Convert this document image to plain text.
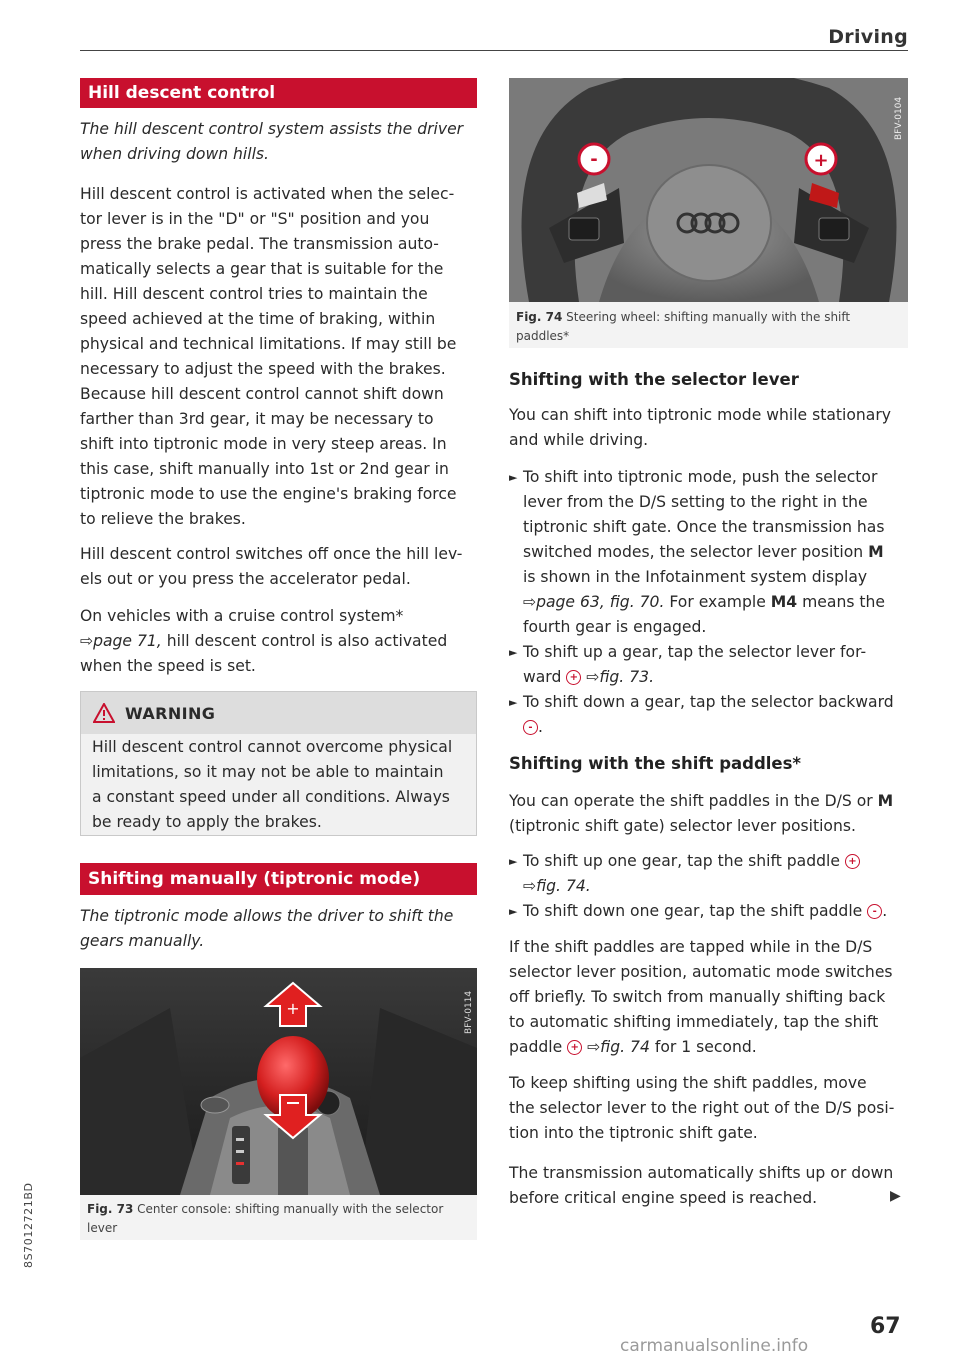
Driving
Hill descent control
The hill descent control system assists the driver
when driving down hills.
Hill descent control is activated when the selec-
tor lever is in the "D" or "S" position and you
press the brake pedal. The transmission auto-
matically selects a gear that is suitable for the
hill. Hill descent control tries to maintain the
speed achieved at the time of braking, within
physical and technical limitations. If may still be
necessary to adjust the speed with the brakes.
Because hill descent control cannot shift down
farther than 3rd gear, it may be necessary to
shift into tiptronic mode in very steep areas. In
this case, shift manually into 1st or 2nd gear in
tiptronic mode to use the engine's braking force
to relieve the brakes.
Hill descent control switches off once the hill lev-
els out or you press the accelerator pedal.
On vehicles with a cruise control system*
⇨page 71, hill descent control is also activated
when the speed is set.
WARNING
Hill descent control cannot overcome physical
limitations, so it may not be able to maintain
a constant speed under all conditions. Always
be ready to apply the brakes.
Shifting manually (tiptronic mode)
The tiptronic mode allows the driver to shift the
gears manually.
+	BFV-0114
Fig. 73 Center console: shifting manually with the selector
lever
-	+
BFV-0104
Fig. 74 Steering wheel: shifting manually with the shift
paddles*
Shifting with the selector lever
You can shift into tiptronic mode while stationary
and while driving.
► To shift into tiptronic mode, push the selector
lever from the D/S setting to the right in the
tiptronic shift gate. Once the transmission has
switched modes, the selector lever position M
is shown in the Infotainment system display
⇨page 63, fig. 70. For example M4 means the
fourth gear is engaged.
► To shift up a gear, tap the selector lever for-
ward + ⇨fig. 73.
► To shift down a gear, tap the selector backward
- .
Shifting with the shift paddles*
You can operate the shift paddles in the D/S or M
(tiptronic shift gate) selector lever positions.
► To shift up one gear, tap the shift paddle +
⇨fig. 74.
► To shift down one gear, tap the shift paddle - .
If the shift paddles are tapped while in the D/S
selector lever position, automatic mode switches
off briefly. To switch from manually shifting back
to automatic shifting immediately, tap the shift
paddle + ⇨fig. 74 for 1 second.
To keep shifting using the shift paddles, move
the selector lever to the right out of the D/S posi-
tion into the tiptronic shift gate.
The transmission automatically shifts up or down
before critical engine speed is reached.	▶
67
8S7012721BD
carmanualsonline.info
